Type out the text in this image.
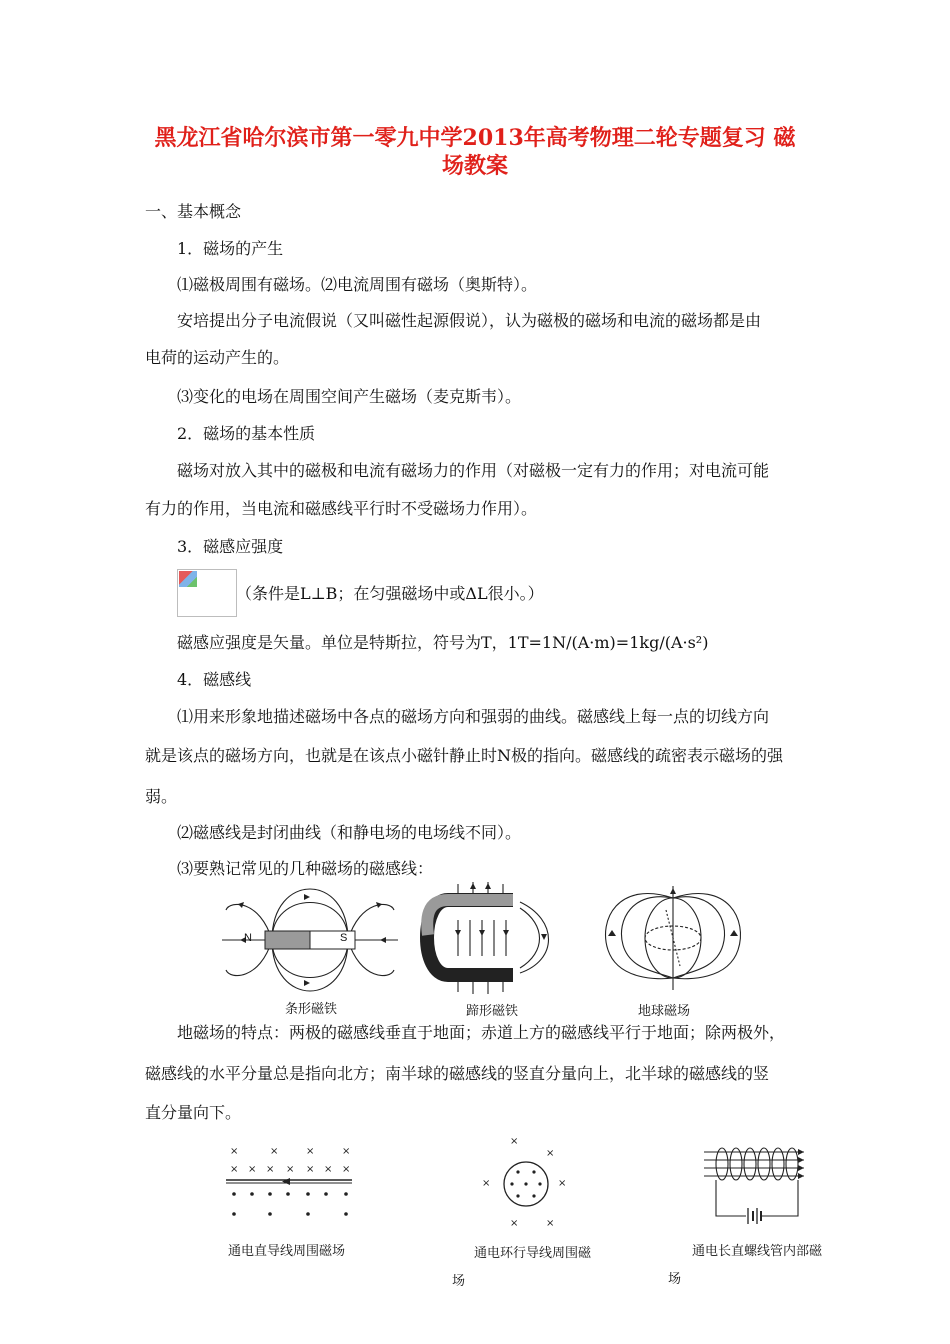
黑龙江省哈尔滨市第一零九中学2013年高考物理二轮专题复习 磁
场教案
一、基本概念
1．磁场的产生
⑴磁极周围有磁场。⑵电流周围有磁场（奥斯特）。
安培提出分子电流假说（又叫磁性起源假说），认为磁极的磁场和电流的磁场都是由
电荷的运动产生的。
⑶变化的电场在周围空间产生磁场（麦克斯韦）。
2．磁场的基本性质
磁场对放入其中的磁极和电流有磁场力的作用（对磁极一定有力的作用；对电流可能
有力的作用，当电流和磁感线平行时不受磁场力作用）。
3．磁感应强度
（条件是L⊥B；在匀强磁场中或ΔL很小。）
磁感应强度是矢量。单位是特斯拉，符号为T，1T=1N/(A·m)=1kg/(A·s²)
4．磁感线
⑴用来形象地描述磁场中各点的磁场方向和强弱的曲线。磁感线上每一点的切线方向
就是该点的磁场方向，也就是在该点小磁针静止时N极的指向。磁感线的疏密表示磁场的强
弱。
⑵磁感线是封闭曲线（和静电场的电场线不同）。
⑶要熟记常见的几种磁场的磁感线：
N	S
条形磁铁	蹄形磁铁	地球磁场
地磁场的特点：两极的磁感线垂直于地面；赤道上方的磁感线平行于地面；除两极外，
磁感线的水平分量总是指向北方；南半球的磁感线的竖直分量向上，北半球的磁感线的竖
直分量向下。
×	×	×	×
× × × × × × ×
通电直导线周围磁场
×
×
×	×
×	×
通电环行导线周围磁
场
通电长直螺线管内部磁
场
